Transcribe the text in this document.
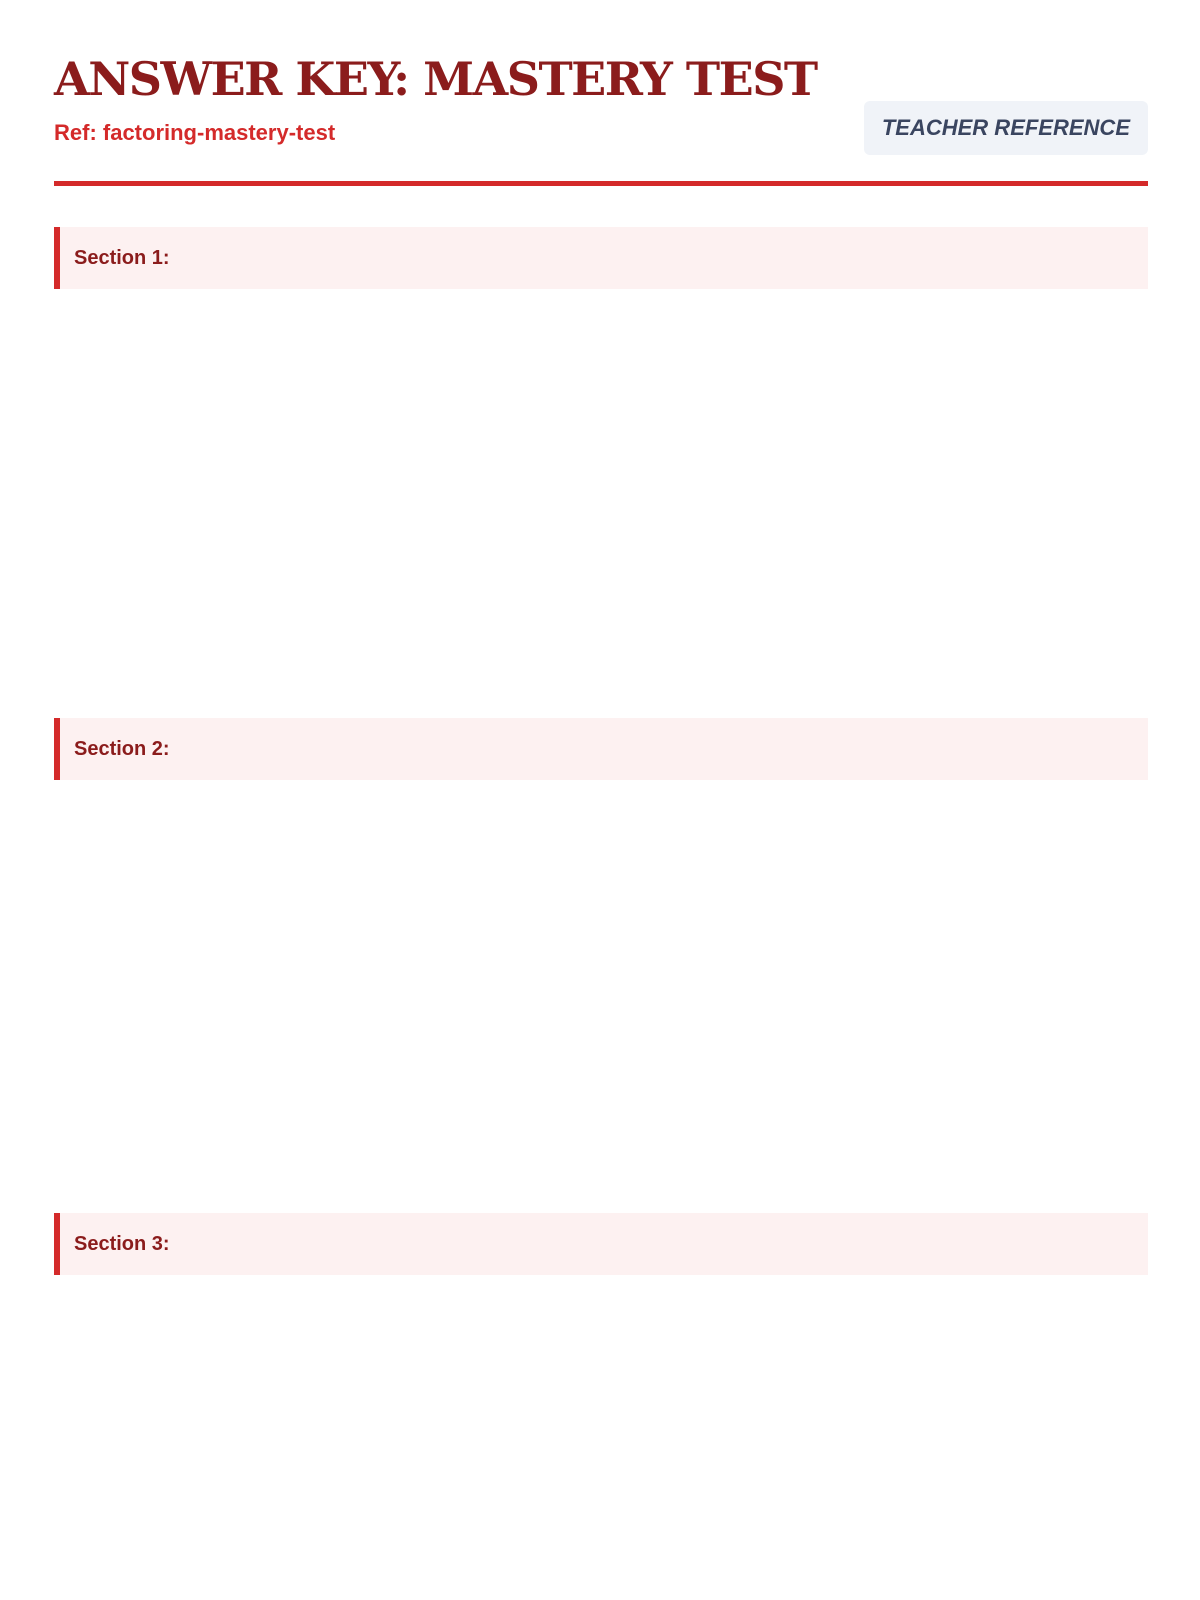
ANSWER KEY: MASTERY TEST
Ref: factoring-mastery-test	TEACHER REFERENCE
Section 1:
Section 2:
Section 3:
